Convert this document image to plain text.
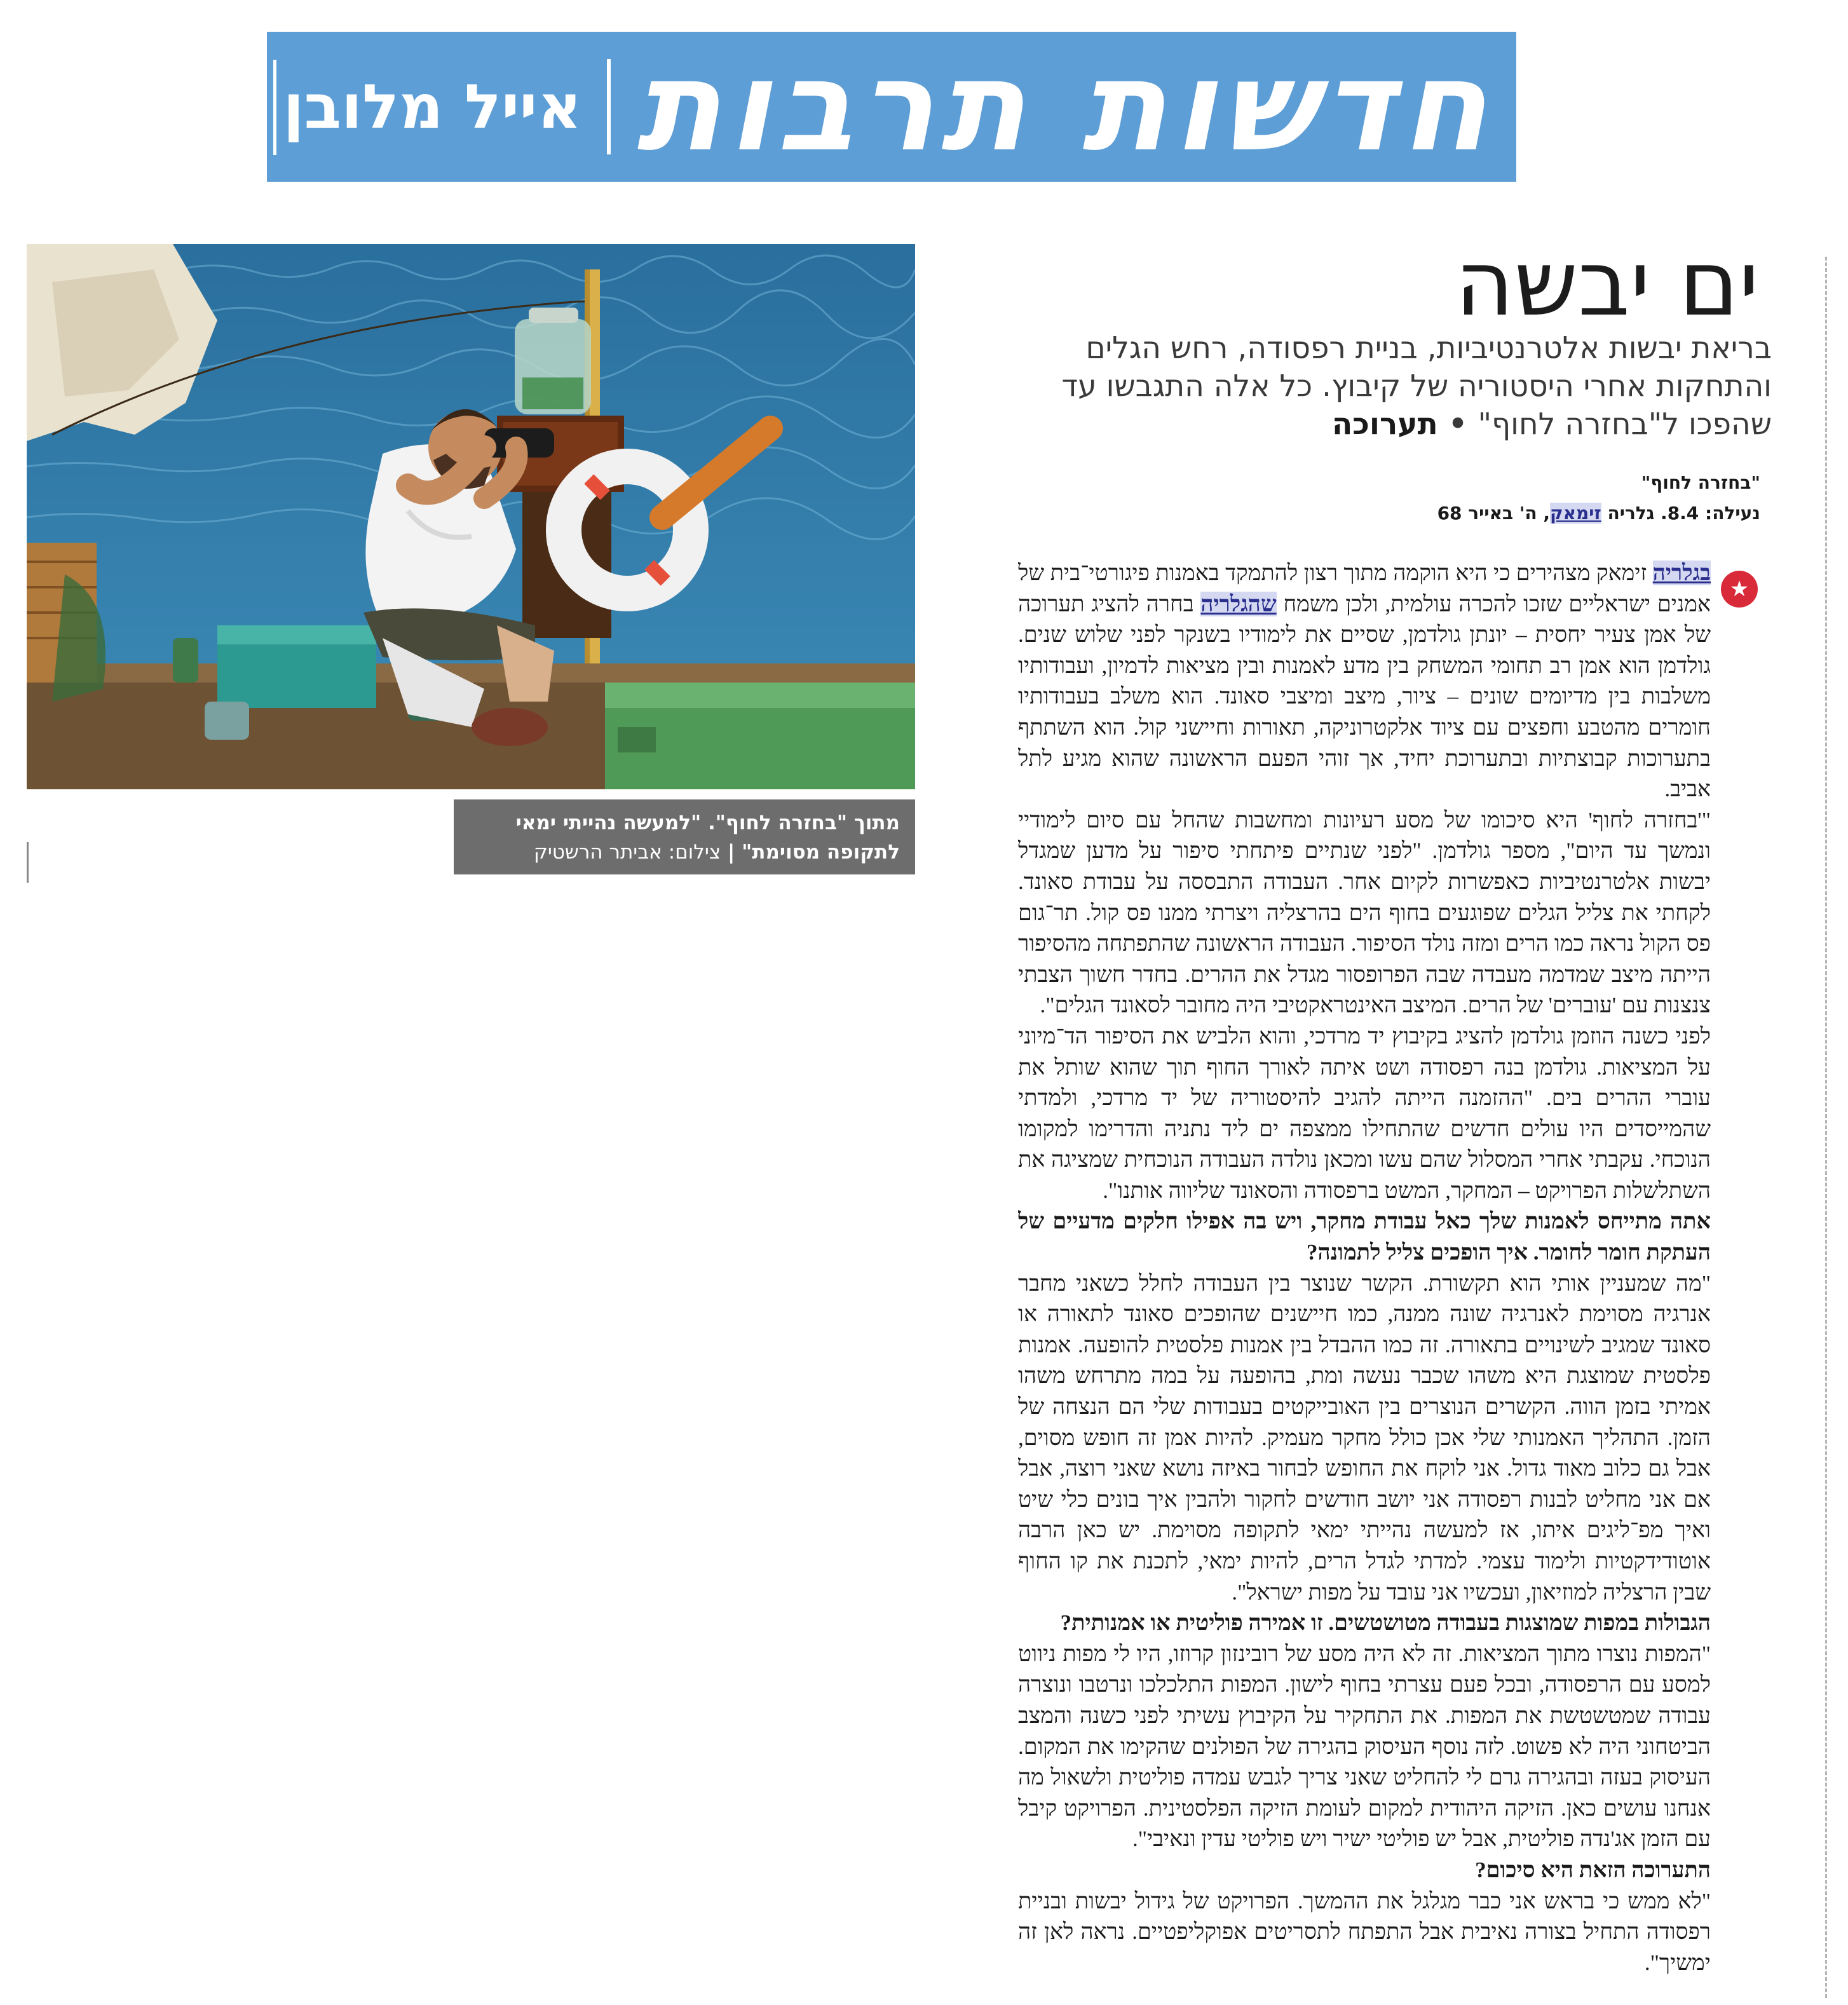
חדשות תרבות
אייל מלובן
מתוך "בחזרה לחוף". "למעשה נהייתי ימאי לתקופה מסוימת" | צילום: אביתר הרשטיק
ים יבשה
בריאת יבשות אלטרנטיביות, בניית רפסודה, רחש הגלים והתחקות אחרי היסטוריה של קיבוץ. כל אלה התגבשו עד שהפכו ל"בחזרה לחוף" • תערוכה
"בחזרה לחוף"
נעילה: 8.4. גלריה זימאק, ה' באייר 68
★

בגלריה זימאק מצהירים כי היא הוקמה מתוך רצון להתמקד באמנות פיגורטי־בית של אמנים ישראליים שזכו להכרה עולמית, ולכן משמח שהגלריה בחרה להציג תערוכה של אמן צעיר יחסית – יונתן גולדמן, שסיים את לימודיו בשנקר לפני שלוש שנים. גולדמן הוא אמן רב תחומי המשחק בין מדע לאמנות ובין מציאות לדמיון, ועבודותיו משלבות בין מדיומים שונים – ציור, מיצב ומיצבי סאונד. הוא משלב בעבודותיו חומרים מהטבע וחפצים עם ציוד אלקטרוניקה, תאורות וחיישני קול. הוא השתתף בתערוכות קבוצתיות ובתערוכת יחיד, אך זוהי הפעם הראשונה שהוא מגיע לתל אביב.

"'בחזרה לחוף' היא סיכומו של מסע רעיונות ומחשבות שהחל עם סיום לימודיי ונמשך עד היום", מספר גולדמן. "לפני שנתיים פיתחתי סיפור על מדען שמגדל יבשות אלטרנטיביות כאפשרות לקיום אחר. העבודה התבססה על עבודת סאונד. לקחתי את צליל הגלים שפוגעים בחוף הים בהרצליה ויצרתי ממנו פס קול. תר־גום פס הקול נראה כמו הרים ומזה נולד הסיפור. העבודה הראשונה שהתפתחה מהסיפור הייתה מיצב שמדמה מעבדה שבה הפרופסור מגדל את ההרים. בחדר חשוך הצבתי צנצנות עם 'עוברים' של הרים. המיצב האינטראקטיבי היה מחובר לסאונד הגלים".

לפני כשנה הוזמן גולדמן להציג בקיבוץ יד מרדכי, והוא הלביש את הסיפור הד־מיוני על המציאות. גולדמן בנה רפסודה ושט איתה לאורך החוף תוך שהוא שותל את עוברי ההרים בים. "ההזמנה הייתה להגיב להיסטוריה של יד מרדכי, ולמדתי שהמייסדים היו עולים חדשים שהתחילו ממצפה ים ליד נתניה והדרימו למקומו הנוכחי. עקבתי אחרי המסלול שהם עשו ומכאן נולדה העבודה הנוכחית שמציגה את השתלשלות הפרויקט – המחקר, המשט ברפסודה והסאונד שליווה אותנו".

אתה מתייחס לאמנות שלך כאל עבודת מחקר, ויש בה אפילו חלקים מדעיים של העתקת חומר לחומר. איך הופכים צליל לתמונה?

"מה שמעניין אותי הוא תקשורת. הקשר שנוצר בין העבודה לחלל כשאני מחבר אנרגיה מסוימת לאנרגיה שונה ממנה, כמו חיישנים שהופכים סאונד לתאורה או סאונד שמגיב לשינויים בתאורה. זה כמו ההבדל בין אמנות פלסטית להופעה. אמנות פלסטית שמוצגת היא משהו שכבר נעשה ומת, בהופעה על במה מתרחש משהו אמיתי בזמן הווה. הקשרים הנוצרים בין האובייקטים בעבודות שלי הם הנצחה של הזמן. התהליך האמנותי שלי אכן כולל מחקר מעמיק. להיות אמן זה חופש מסוים, אבל גם כלוב מאוד גדול. אני לוקח את החופש לבחור באיזה נושא שאני רוצה, אבל אם אני מחליט לבנות רפסודה אני יושב חודשים לחקור ולהבין איך בונים כלי שיט ואיך מפ־ליגים איתו, אז למעשה נהייתי ימאי לתקופה מסוימת. יש כאן הרבה אוטודידקטיות ולימוד עצמי. למדתי לגדל הרים, להיות ימאי, לתכנת את קו החוף שבין הרצליה למוזיאון, ועכשיו אני עובד על מפות ישראל".

הגבולות במפות שמוצגות בעבודה מטושטשים. זו אמירה פוליטית או אמנותית?

"המפות נוצרו מתוך המציאות. זה לא היה מסע של רובינזון קרוזו, היו לי מפות ניווט למסע עם הרפסודה, ובכל פעם עצרתי בחוף לישון. המפות התלכלכו ונרטבו ונוצרה עבודה שמטשטשת את המפות. את התחקיר על הקיבוץ עשיתי לפני כשנה והמצב הביטחוני היה לא פשוט. לזה נוסף העיסוק בהגירה של הפולנים שהקימו את המקום. העיסוק בעזה ובהגירה גרם לי להחליט שאני צריך לגבש עמדה פוליטית ולשאול מה אנחנו עושים כאן. הזיקה היהודית למקום לעומת הזיקה הפלסטינית. הפרויקט קיבל עם הזמן אג'נדה פוליטית, אבל יש פוליטי ישיר ויש פוליטי עדין ונאיבי".

התערוכה הזאת היא סיכום?

"לא ממש כי בראש אני כבר מגלגל את ההמשך. הפרויקט של גידול יבשות ובניית רפסודה התחיל בצורה נאיבית אבל התפתח לתסריטים אפוקליפטיים. נראה לאן זה ימשיך".
